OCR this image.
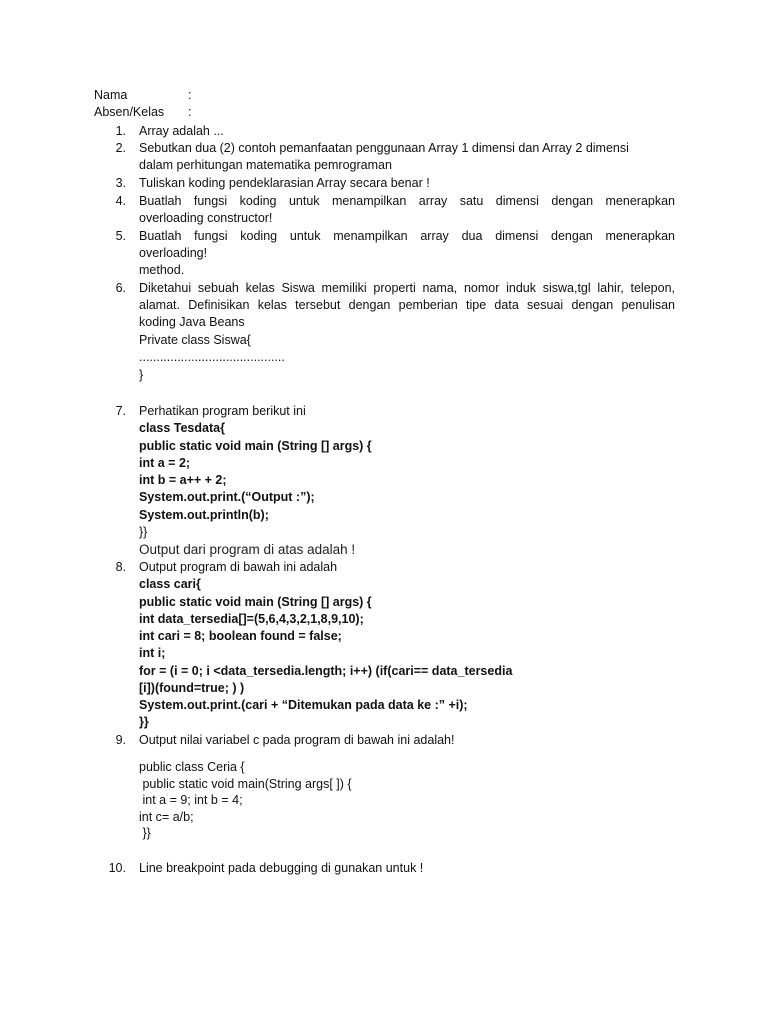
Nama	:
Absen/Kelas :
1. Array adalah ...
2. Sebutkan dua (2) contoh pemanfaatan penggunaan Array 1 dimensi dan Array 2 dimensi
dalam perhitungan matematika pemrograman
3. Tuliskan koding pendeklarasian Array secara benar !
4. Buatlah fungsi koding untuk menampilkan array satu dimensi dengan menerapkan
overloading constructor!
5. Buatlah fungsi koding untuk menampilkan array dua dimensi dengan menerapkan
overloading!
method.
6. Diketahui sebuah kelas Siswa memiliki properti nama, nomor induk siswa,tgl lahir, telepon,
alamat. Definisikan kelas tersebut dengan pemberian tipe data sesuai dengan penulisan
koding Java Beans
Private class Siswa{
..........................................
}
7. Perhatikan program berikut ini
class Tesdata{
public static void main (String [] args) {
int a = 2;
int b = a++ + 2;
System.out.print.(“Output :”);
System.out.println(b);
}}
Output dari program di atas adalah !
8. Output program di bawah ini adalah
class cari{
public static void main (String [] args) {
int data_tersedia[]=(5,6,4,3,2,1,8,9,10);
int cari = 8; boolean found = false;
int i;
for = (i = 0; i <data_tersedia.length; i++) (if(cari== data_tersedia
[i])(found=true; ) )
System.out.print.(cari + “Ditemukan pada data ke :” +i);
}}
9. Output nilai variabel c pada program di bawah ini adalah!
public class Ceria {
public static void main(String args[ ]) {
int a = 9; int b = 4;
int c= a/b;
}}
10. Line breakpoint pada debugging di gunakan untuk !
